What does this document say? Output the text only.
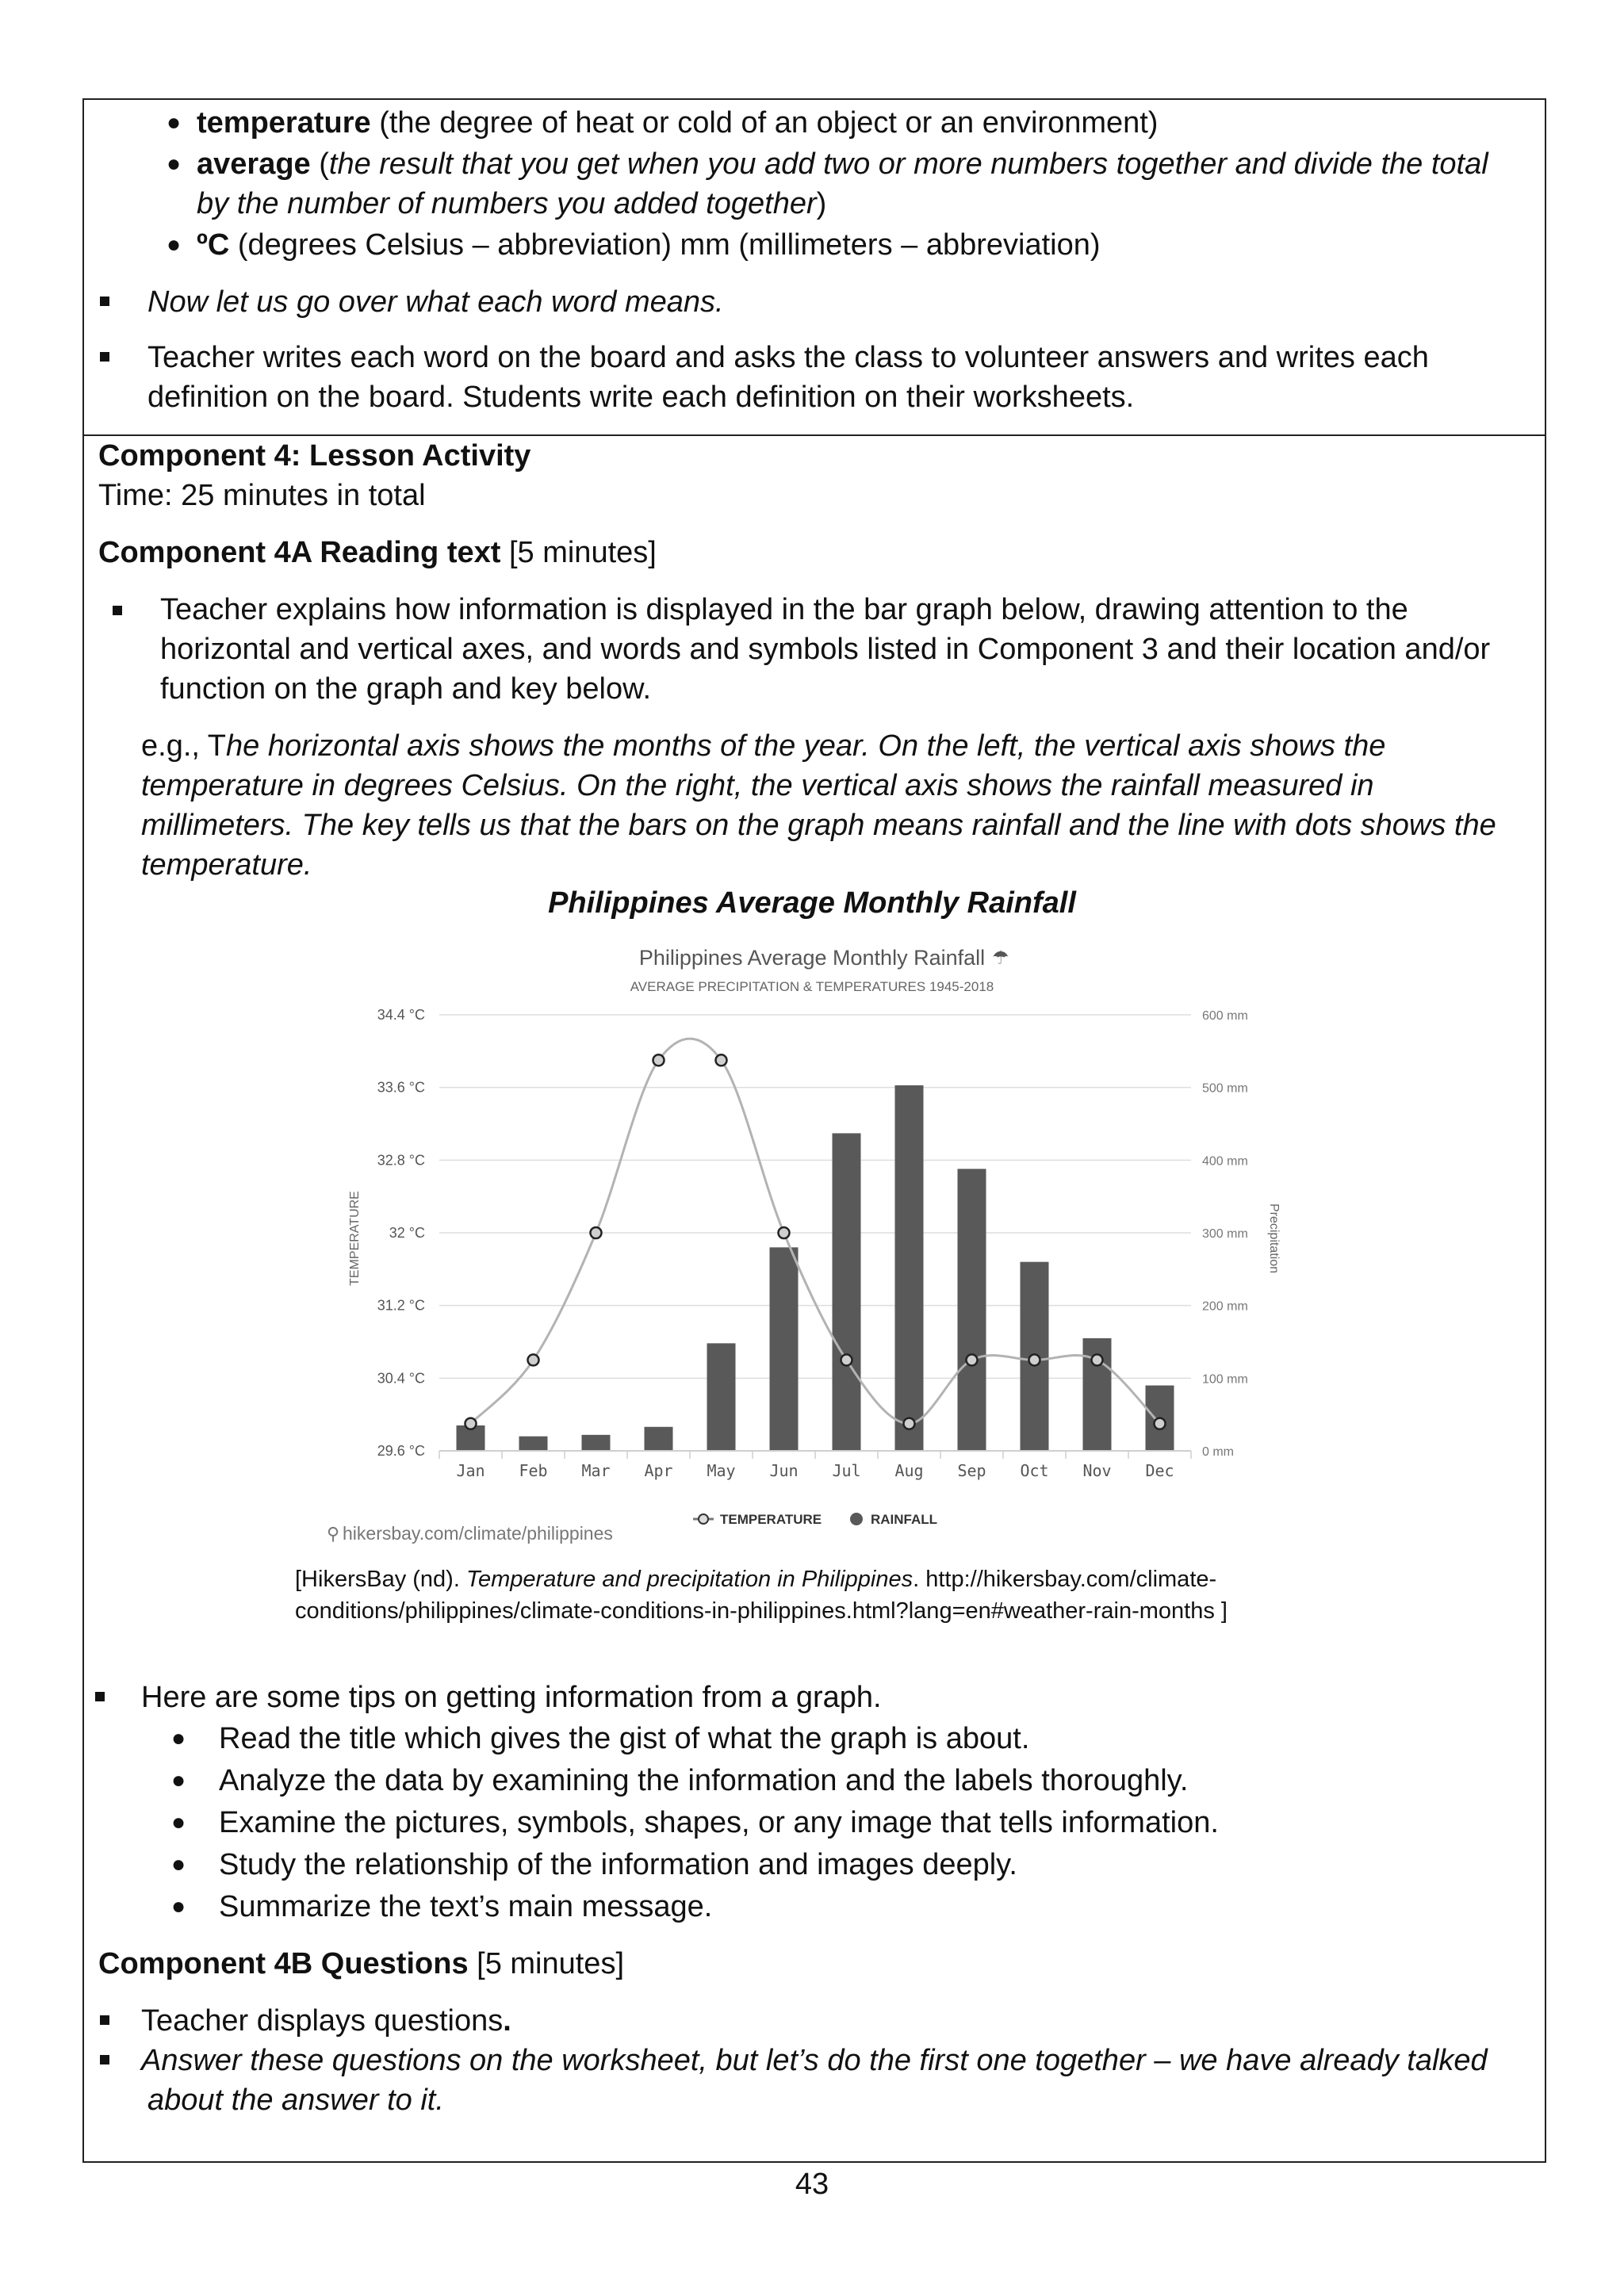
● temperature (the degree of heat or cold of an object or an environment)
● average (the result that you get when you add two or more numbers together and divide the total
by the number of numbers you added together)
● ºC (degrees Celsius – abbreviation) mm (millimeters – abbreviation)
Now let us go over what each word means.
Teacher writes each word on the board and asks the class to volunteer answers and writes each
definition on the board. Students write each definition on their worksheets.
Component 4: Lesson Activity
Time: 25 minutes in total
Component 4A Reading text [5 minutes]
Teacher explains how information is displayed in the bar graph below, drawing attention to the
horizontal and vertical axes, and words and symbols listed in Component 3 and their location and/or
function on the graph and key below.
e.g., The horizontal axis shows the months of the year. On the left, the vertical axis shows the
temperature in degrees Celsius. On the right, the vertical axis shows the rainfall measured in
millimeters. The key tells us that the bars on the graph means rainfall and the line with dots shows the
temperature.
Philippines Average Monthly Rainfall
Philippines Average Monthly Rainfall ☂
AVERAGE PRECIPITATION & TEMPERATURES 1945-2018
34.4 °C
33.6 °C
32.8 °C
32 °C
31.2 °C
30.4 °C
29.6 °C
600 mm
500 mm
400 mm
300 mm
200 mm
100 mm
0 mm
TEMPERATURE	Precipitation
Jan Feb Mar Apr May Jun Jul Aug Sep Oct Nov Dec
TEMPERATURE	RAINFALL
⚲ hikersbay.com/climate/philippines
[HikersBay (nd). Temperature and precipitation in Philippines. http://hikersbay.com/climate-
conditions/philippines/climate-conditions-in-philippines.html?lang=en#weather-rain-months ]
Here are some tips on getting information from a graph.
● Read the title which gives the gist of what the graph is about.
● Analyze the data by examining the information and the labels thoroughly.
● Examine the pictures, symbols, shapes, or any image that tells information.
● Study the relationship of the information and images deeply.
● Summarize the text’s main message.
Component 4B Questions [5 minutes]
Teacher displays questions.
Answer these questions on the worksheet, but let’s do the first one together – we have already talked
about the answer to it.
43
